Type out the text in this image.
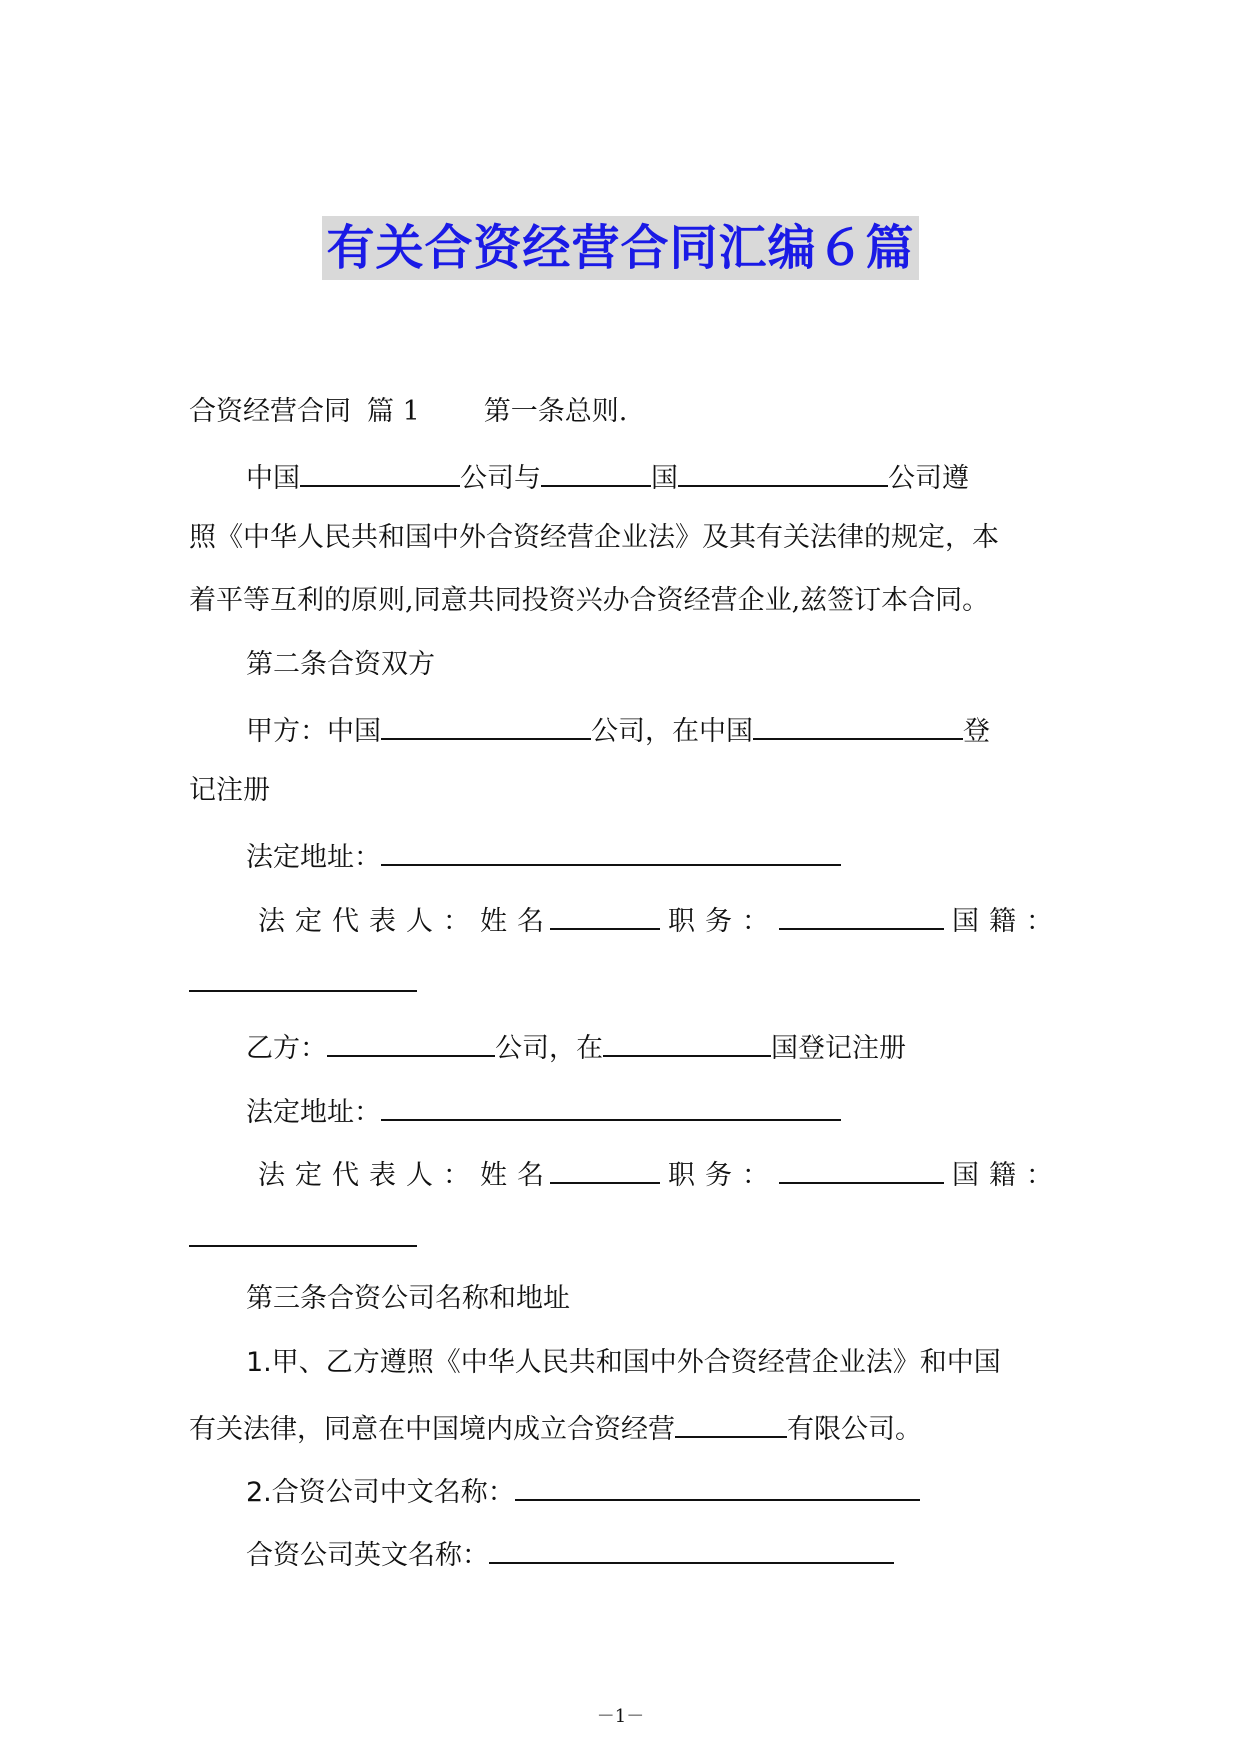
有关合资经营合同汇编６篇
合资经营合同 篇 1 第一条总则.
中国	公司与	国	公司遵
照《中华人民共和国中外合资经营企业法》及其有关法律的规定，本
着平等互利的原则,同意共同投资兴办合资经营企业,兹签订本合同。
第二条合资双方
甲方：中国	公司，在中国	登
记注册
法定地址：
法定代表人：姓名	职务：	国籍：
乙方：	公司，在	国登记注册
法定地址：
法定代表人：姓名	职务：	国籍：
第三条合资公司名称和地址
1.甲、乙方遵照《中华人民共和国中外合资经营企业法》和中国
有关法律，同意在中国境内成立合资经营	有限公司。
2.合资公司中文名称：
合资公司英文名称：
－1－
